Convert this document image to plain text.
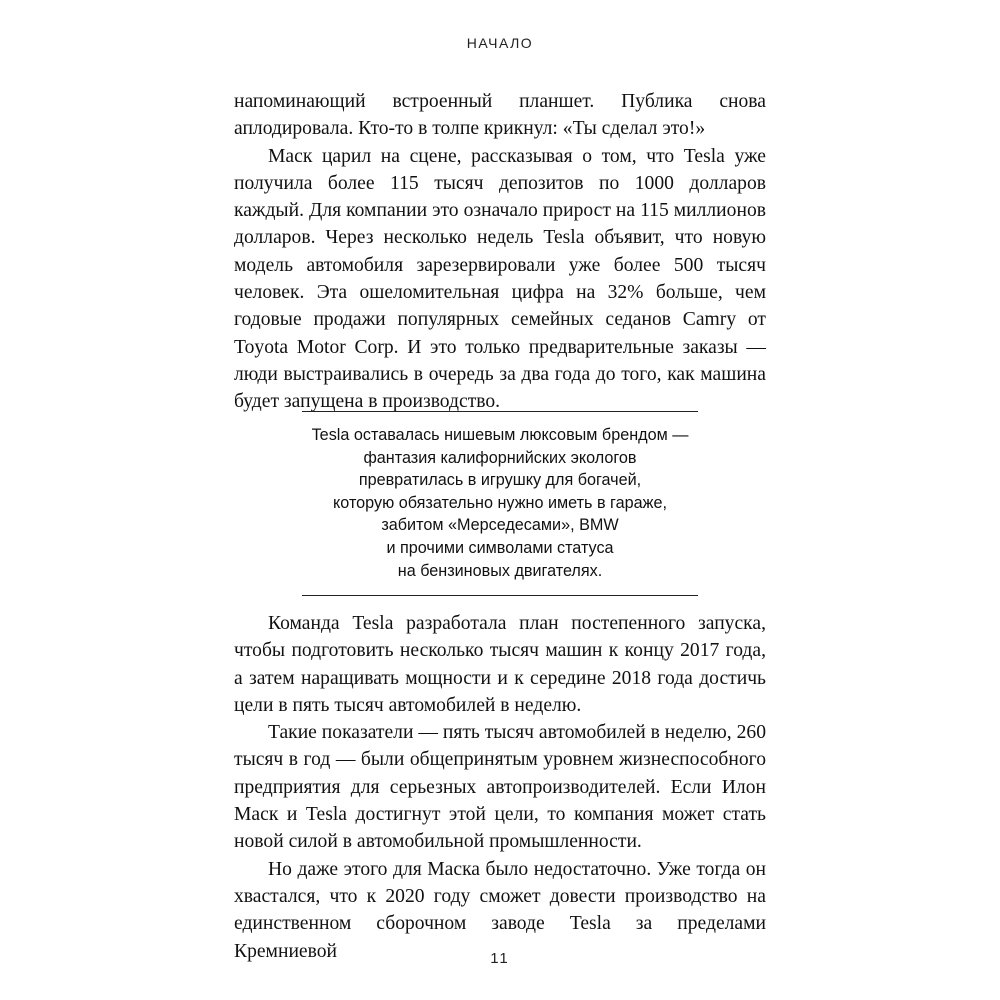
НАЧАЛО

напоминающий встроенный планшет. Публика снова аплодировала. Кто-то в толпе крикнул: «Ты сделал это!»

Маск царил на сцене, рассказывая о том, что Tesla уже получила более 115 тысяч депозитов по 1000 долларов каждый. Для компании это означало прирост на 115 миллионов долларов. Через несколько недель Tesla объявит, что новую модель автомобиля зарезервировали уже более 500 тысяч человек. Эта ошеломительная цифра на 32% больше, чем годовые продажи популярных семейных седанов Camry от Toyota Motor Corp. И это только предварительные заказы — люди выстраивались в очередь за два года до того, как машина будет запущена в производство.

Tesla оставалась нишевым люксовым брендом —
фантазия калифорнийских экологов
превратилась в игрушку для богачей,
которую обязательно нужно иметь в гараже,
забитом «Мерседесами», BMW
и прочими символами статуса
на бензиновых двигателях.

Команда Tesla разработала план постепенного запуска, чтобы подготовить несколько тысяч машин к концу 2017 года, а затем наращивать мощности и к середине 2018 года достичь цели в пять тысяч автомобилей в неделю.

Такие показатели — пять тысяч автомобилей в неделю, 260 тысяч в год — были общепринятым уровнем жизнеспособного предприятия для серьезных автопроизводителей. Если Илон Маск и Tesla достигнут этой цели, то компания может стать новой силой в автомобильной промышленности.

Но даже этого для Маска было недостаточно. Уже тогда он хвастался, что к 2020 году сможет довести производство на единственном сборочном заводе Tesla за пределами Кремниевой	11
